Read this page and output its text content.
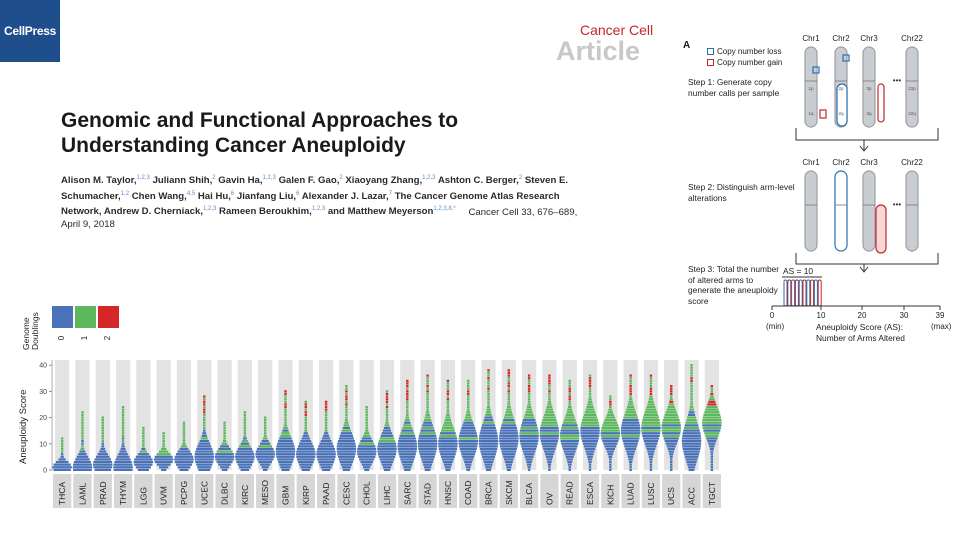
CellPress	Cancer Cell
Article
Genomic and Functional Approaches to Understanding Cancer Aneuploidy
Alison M. Taylor,$^{1,2,3}$ Juliann Shih,$^2$ Gavin Ha,$^{1,2,3}$ Galen F. Gao,$^2$ Xiaoyang Zhang,$^{1,2,3}$ Ashton C. Berger,$^2$ Steven E. Schumacher,$^{1,2}$ Chen Wang,$^{4,5}$ Hai Hu,$^6$ Jianfang Liu,$^6$ Alexander J. Lazar,$^7$ The Cancer Genome Atlas Research Network, Andrew D. Cherniack,$^{1,2,3}$ Rameen Beroukhim,$^{1,2,3}$ and Matthew Meyerson$^{1,2,3,8,*}$ Cancer Cell 33, 676–689, April 9, 2018
A
Copy number loss
Copy number gain
Step 1: Generate copy number calls per sample
Step 2: Distinguish arm-level alterations
Step 3: Total the number of altered arms to generate the aneuploidy score
AS = 10
(min)	(max)
Aneuploidy Score (AS): Number of Arms Altered
Chr1 Chr2 Chr3	Chr22
•••
Chr1 Chr2 Chr3	Chr22
•••
1p
1q
2p
2q
3p
3q
22p
22q
0	10	20	30	39
Genome Doublings
Aneuploidy Score
0 1 2
0
10
20
30
40
THCA LAML PRAD THYM LGG UVM PCPG UCEC DLBC KIRC MESO GBM KIRP PAAD CESC CHOL LIHC SARC STAD HNSC COAD BRCA SKCM BLCA OV READ ESCA KICH LUAD LUSC UCS ACC TGCT
